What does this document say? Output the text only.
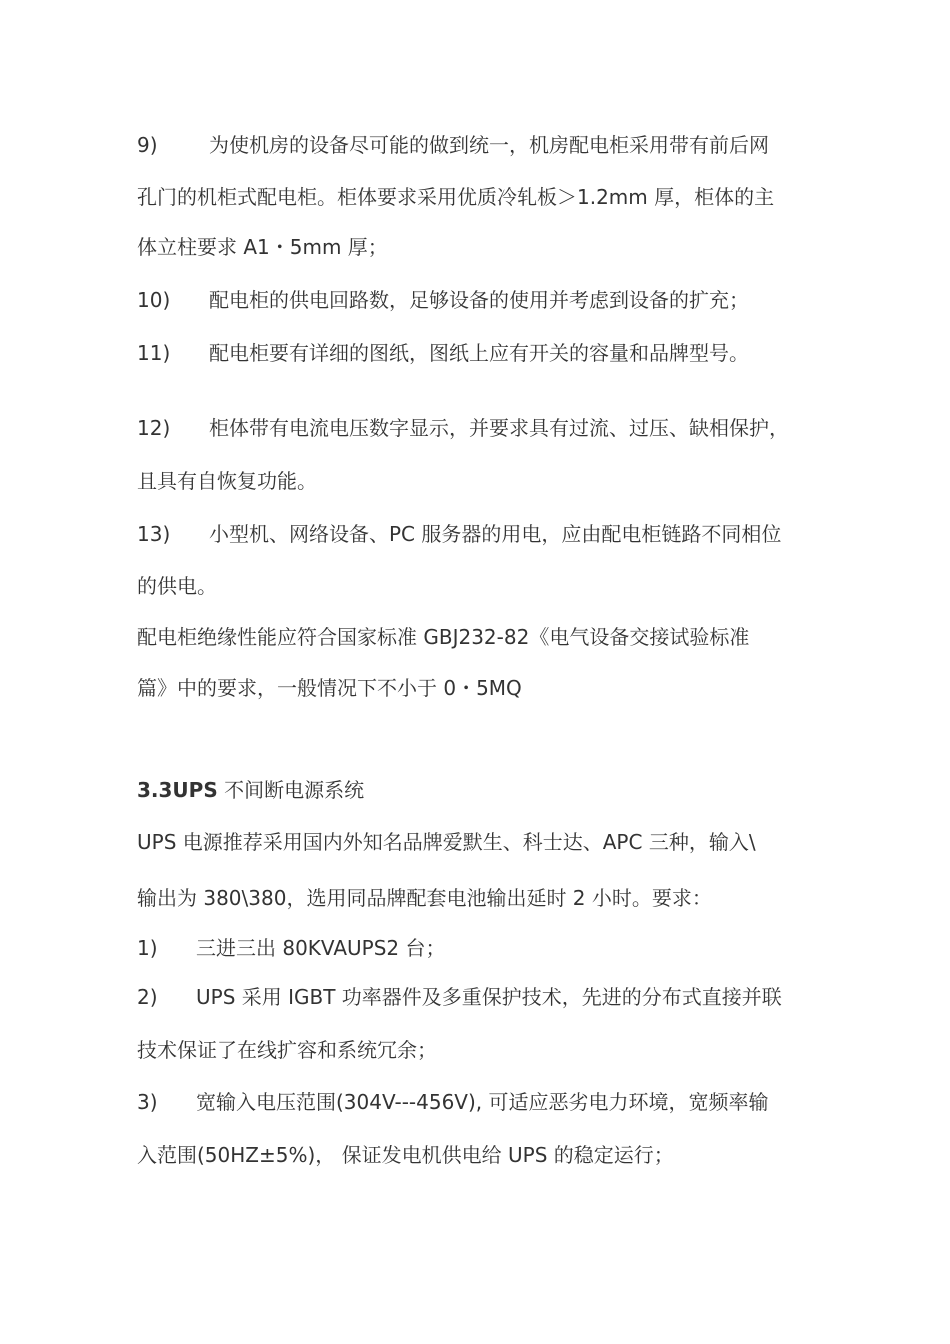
9)	为使机房的设备尽可能的做到统一，机房配电柜采用带有前后网
孔门的机柜式配电柜。柜体要求采用优质冷轧板＞1.2mm 厚，柜体的主
体立柱要求 A1・5mm 厚；
10) 配电柜的供电回路数，足够设备的使用并考虑到设备的扩充；
11) 配电柜要有详细的图纸，图纸上应有开关的容量和品牌型号。
12) 柜体带有电流电压数字显示，并要求具有过流、过压、缺相保护，
且具有自恢复功能。
13) 小型机、网络设备、PC 服务器的用电，应由配电柜链路不同相位
的供电。
配电柜绝缘性能应符合国家标准 GBJ232-82《电气设备交接试验标准
篇》中的要求，一般情况下不小于 0・5MQ
3.3UPS 不间断电源系统
UPS 电源推荐采用国内外知名品牌爱默生、科士达、APC 三种，输入\
输出为 380\380，选用同品牌配套电池输出延时 2 小时。要求：
1) 三进三出 80KVAUPS2 台；
2) UPS 采用 IGBT 功率器件及多重保护技术，先进的分布式直接并联
技术保证了在线扩容和系统冗余；
3) 宽输入电压范围(304V---456V), 可适应恶劣电力环境，宽频率输
入范围(50HZ±5%)， 保证发电机供电给 UPS 的稳定运行；
